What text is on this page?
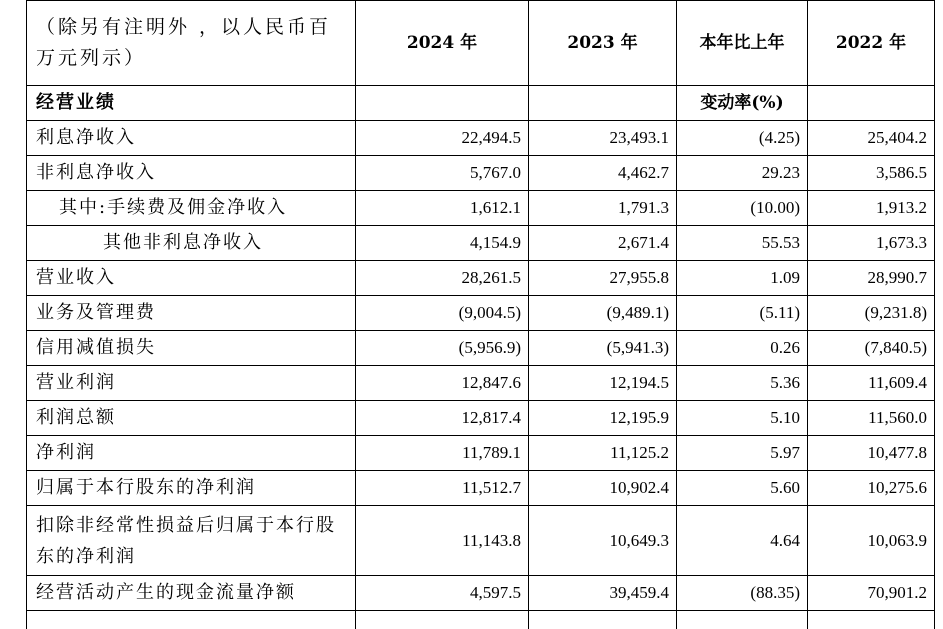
（除另有注明外 ，以人民币百万元列示）	2024 年	2023 年	本年比上年	2022 年
经营业绩			变动率(%)	
利息净收入	22,494.5	23,493.1	(4.25)	25,404.2
非利息净收入	5,767.0	4,462.7	29.23	3,586.5
其中:手续费及佣金净收入	1,612.1	1,791.3	(10.00)	1,913.2
其他非利息净收入	4,154.9	2,671.4	55.53	1,673.3
营业收入	28,261.5	27,955.8	1.09	28,990.7
业务及管理费	(9,004.5)	(9,489.1)	(5.11)	(9,231.8)
信用减值损失	(5,956.9)	(5,941.3)	0.26	(7,840.5)
营业利润	12,847.6	12,194.5	5.36	11,609.4
利润总额	12,817.4	12,195.9	5.10	11,560.0
净利润	11,789.1	11,125.2	5.97	10,477.8
归属于本行股东的净利润	11,512.7	10,902.4	5.60	10,275.6
扣除非经常性损益后归属于本行股东的净利润	11,143.8	10,649.3	4.64	10,063.9
经营活动产生的现金流量净额	4,597.5	39,459.4	(88.35)	70,901.2
